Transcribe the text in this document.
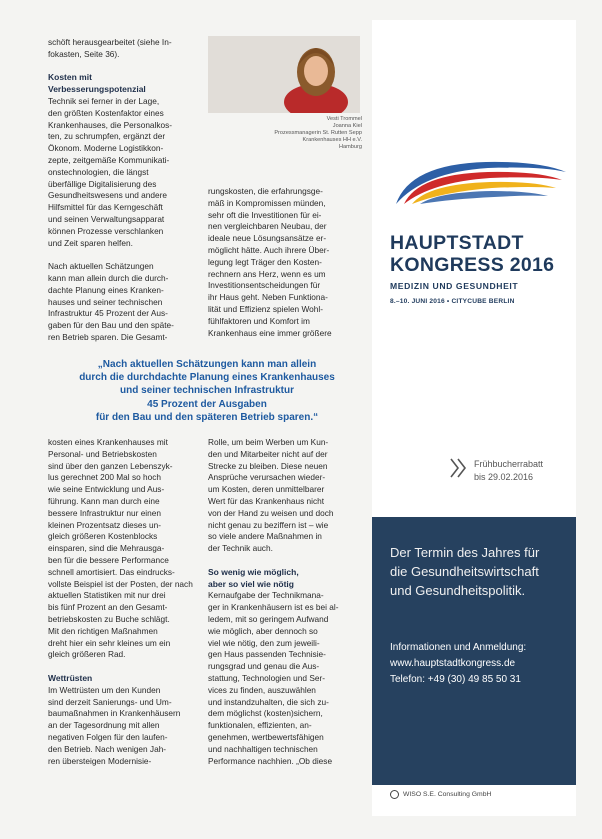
schöft herausgearbeitet (siehe In-
fokasten, Seite 36).
Kosten mit
Verbesserungspotenzial
Technik sei ferner in der Lage,
den größten Kostenfaktor eines
Krankenhauses, die Personalkos-
ten, zu schrumpfen, ergänzt der
Ökonom. Moderne Logistikkon-
zepte, zeitgemäße Kommunikati-
onstechnologien, die längst
überfällige Digitalisierung des
Gesundheitswesens und andere
Hilfsmittel für das Kerngeschäft
und seinen Verwaltungsapparat
können Prozesse verschlanken
und Zeit sparen helfen.
Nach aktuellen Schätzungen
kann man allein durch die durch-
dachte Planung eines Kranken-
hauses und seiner technischen
Infrastruktur 45 Prozent der Aus-
gaben für den Bau und den späte-
ren Betrieb sparen. Die Gesamt-
Vesti Trommel
Joanna Kiel
Prozessmanagerin St. Rutten Sepp
Krankenhauses HH e.V.
Hamburg
rungskosten, die erfahrungsge-
mäß in Kompromissen münden,
sehr oft die Investitionen für ei-
nen vergleichbaren Neubau, der
ideale neue Lösungsansätze er-
möglicht hätte. Auch ihrere Über-
legung legt Träger den Kosten-
rechnern ans Herz, wenn es um
Investitionsentscheidungen für
ihr Haus geht. Neben Funktiona-
lität und Effizienz spielen Wohl-
fühlfaktoren und Komfort im
Krankenhaus eine immer größere
„Nach aktuellen Schätzungen kann man allein
durch die durchdachte Planung eines Krankenhauses
und seiner technischen Infrastruktur
45 Prozent der Ausgaben
für den Bau und den späteren Betrieb sparen.“
kosten eines Krankenhauses mit
Personal- und Betriebskosten
sind über den ganzen Lebenszyk-
lus gerechnet 200 Mal so hoch
wie seine Entwicklung und Aus-
führung. Kann man durch eine
bessere Infrastruktur nur einen
kleinen Prozentsatz dieses un-
gleich größeren Kostenblocks
einsparen, sind die Mehrausga-
ben für die bessere Performance
schnell amortisiert. Das eindrucks-
vollste Beispiel ist der Posten, der nach
aktuellen Statistiken mit nur drei
bis fünf Prozent an den Gesamt-
betriebskosten zu Buche schlägt.
Mit den richtigen Maßnahmen
dreht hier ein sehr kleines um ein
gleich größeren Rad.
Wettrüsten
Im Wettrüsten um den Kunden
sind derzeit Sanierungs- und Um-
baumaßnahmen in Krankenhäusern
an der Tagesordnung mit allen
negativen Folgen für den laufen-
den Betrieb. Nach wenigen Jah-
ren übersteigen Modernisie-
Rolle, um beim Werben um Kun-
den und Mitarbeiter nicht auf der
Strecke zu bleiben. Diese neuen
Ansprüche verursachen wieder-
um Kosten, deren unmittelbarer
Wert für das Krankenhaus nicht
von der Hand zu weisen und doch
nicht genau zu beziffern ist – wie
so viele andere Maßnahmen in
der Technik auch.
So wenig wie möglich,
aber so viel wie nötig
Kernaufgabe der Technikmana-
ger in Krankenhäusern ist es bei al-
ledem, mit so geringem Aufwand
wie möglich, aber dennoch so
viel wie nötig, den zum jeweili-
gen Haus passenden Technisie-
rungsgrad und genau die Aus-
stattung, Technologien und Ser-
vices zu finden, auszuwählen
und instandzuhalten, die sich zu-
dem möglichst (kosten)sichern,
funktionalen, effizienten, an-
genehmen, wertbewertsfähigen
und nachhaltigen technischen
Performance nachhien. „Ob diese
HAUPTSTADT
KONGRESS 2016
MEDIZIN UND GESUNDHEIT
8.–10. JUNI 2016 • CITYCUBE BERLIN
Frühbucherrabatt
bis 29.02.2016
Der Termin des Jahres für
die Gesundheitswirtschaft
und Gesundheitspolitik.
Informationen und Anmeldung:
www.hauptstadtkongress.de
Telefon: +49 (30) 49 85 50 31
WISO S.E. Consulting GmbH
